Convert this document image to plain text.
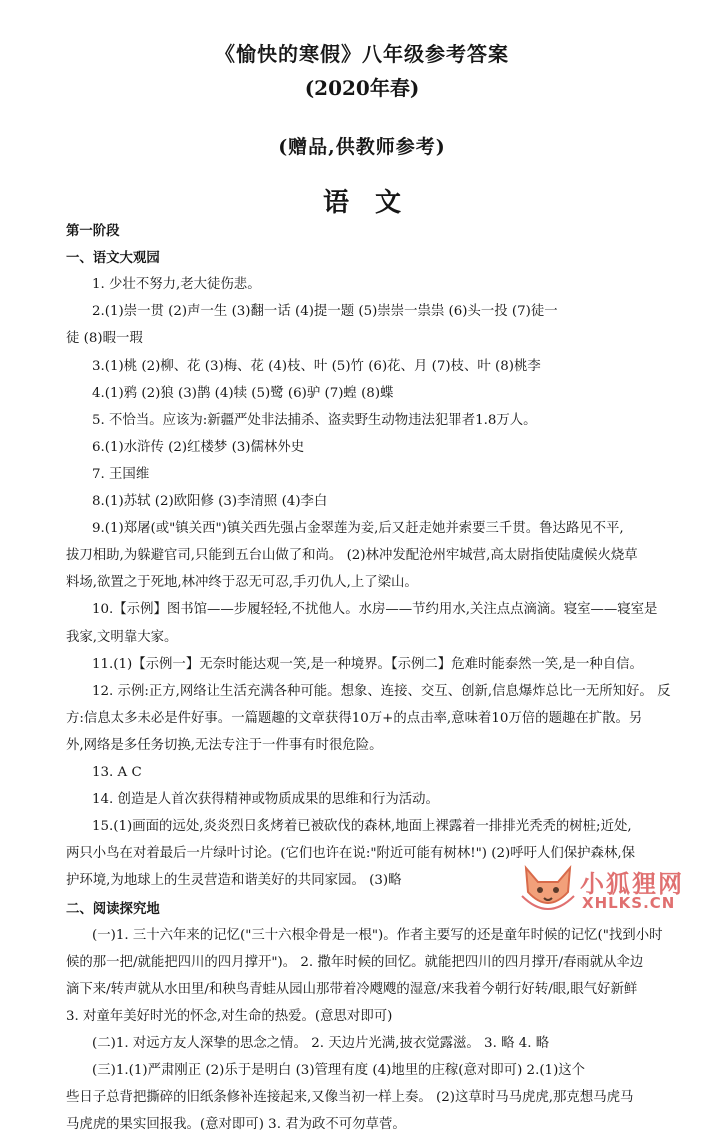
《愉快的寒假》八年级参考答案
(2020年春)
(赠品,供教师参考)
语文
第一阶段
一、语文大观园
1. 少壮不努力,老大徒伤悲。
2.(1)崇一贯 (2)声一生 (3)翻一话 (4)提一题 (5)崇崇一祟祟 (6)头一投 (7)徒一
徒 (8)暇一瑕
3.(1)桃 (2)柳、花 (3)梅、花 (4)枝、叶 (5)竹 (6)花、月 (7)枝、叶 (8)桃李
4.(1)鸦 (2)狼 (3)鹊 (4)犊 (5)鹭 (6)驴 (7)蝗 (8)蝶
5. 不恰当。应该为:新疆严处非法捕杀、盗卖野生动物违法犯罪者1.8万人。
6.(1)水浒传 (2)红楼梦 (3)儒林外史
7. 王国维
8.(1)苏轼 (2)欧阳修 (3)李清照 (4)李白
9.(1)郑屠(或"镇关西")镇关西先强占金翠莲为妾,后又赶走她并索要三千贯。鲁达路见不平,
拔刀相助,为躲避官司,只能到五台山做了和尚。 (2)林冲发配沧州牢城营,高太尉指使陆虞候火烧草
料场,欲置之于死地,林冲终于忍无可忍,手刃仇人,上了梁山。
10.【示例】图书馆——步履轻轻,不扰他人。水房——节约用水,关注点点滴滴。寝室——寝室是
我家,文明靠大家。
11.(1)【示例一】无奈时能达观一笑,是一种境界。【示例二】危难时能泰然一笑,是一种自信。
12. 示例:正方,网络让生活充满各种可能。想象、连接、交互、创新,信息爆炸总比一无所知好。 反
方:信息太多未必是件好事。一篇题趣的文章获得10万+的点击率,意味着10万倍的题趣在扩散。另
外,网络是多任务切换,无法专注于一件事有时很危险。
13. A C
14. 创造是人首次获得精神或物质成果的思维和行为活动。
15.(1)画面的远处,炎炎烈日炙烤着已被砍伐的森林,地面上裸露着一排排光秃秃的树桩;近处,
两只小鸟在对着最后一片绿叶讨论。(它们也许在说:"附近可能有树林!") (2)呼吁人们保护森林,保
护环境,为地球上的生灵营造和谐美好的共同家园。 (3)略
二、阅读探究地
(一)1. 三十六年来的记忆("三十六根伞骨是一根")。作者主要写的还是童年时候的记忆("找到小时
候的那一把/就能把四川的四月撑开")。 2. 撒年时候的回忆。就能把四川的四月撑开/春雨就从伞边
滴下来/转声就从水田里/和秧鸟青蛙从园山那带着冷飕飕的湿意/来我着今朝行好转/眼,眼气好新鲜
3. 对童年美好时光的怀念,对生命的热爱。(意思对即可)
(二)1. 对远方友人深挚的思念之情。 2. 天边片光满,披衣觉露滋。 3. 略 4. 略
(三)1.(1)严肃刚正 (2)乐于是明白 (3)管理有度 (4)地里的庄稼(意对即可) 2.(1)这个
些日子总背把撕碎的旧纸条修补连接起来,又像当初一样上奏。 (2)这草时马马虎虎,那克想马虎马
马虎虎的果实回报我。(意对即可) 3. 君为政不可勿草菅。
小狐狸网
XHLKS.CN
